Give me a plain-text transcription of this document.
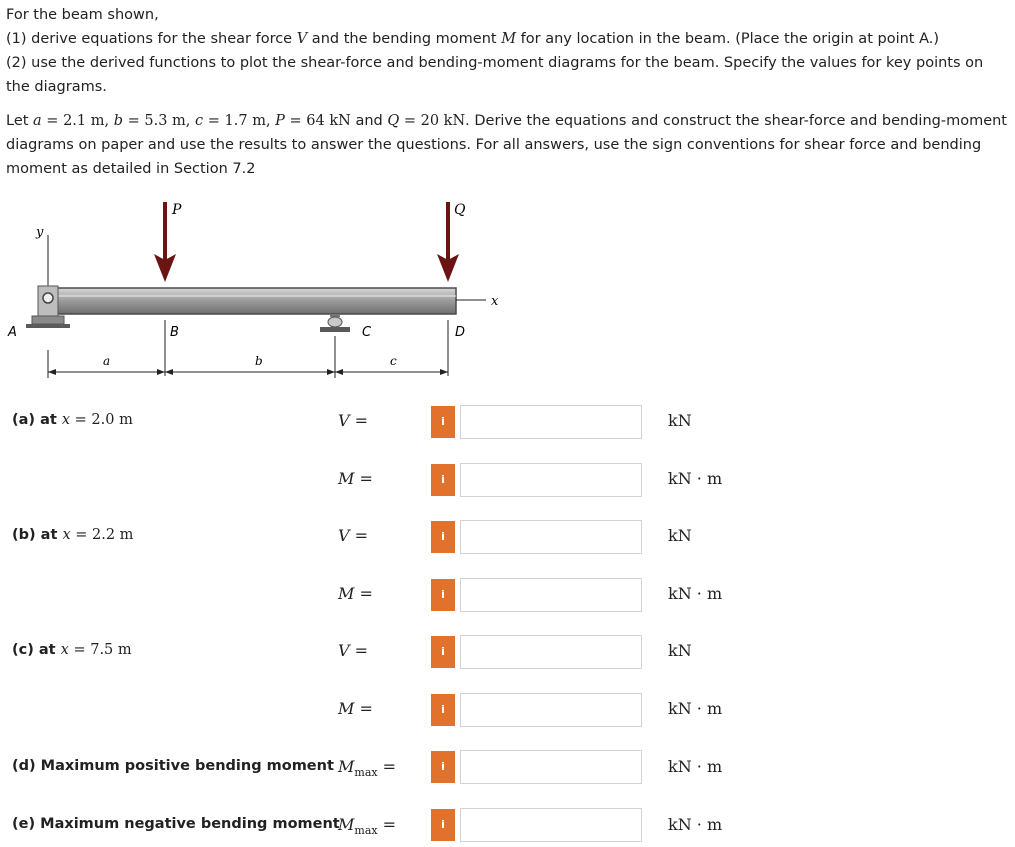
For the beam shown,

(1) derive equations for the shear force V and the bending moment M for any location in the beam. (Place the origin at point A.)

(2) use the derived functions to plot the shear-force and bending-moment diagrams for the beam. Specify the values for key points on the diagrams.

Let a = 2.1 m, b = 5.3 m, c = 1.7 m, P = 64 kN and Q = 20 kN. Derive the equations and construct the shear-force and bending-moment diagrams on paper and use the results to answer the questions. For all answers, use the sign conventions for shear force and bending moment as detailed in Section 7.2

y
x
A	C
P	Q
B	D
a	b	c
(a) at x = 2.0 m	V =	i	kN
M =	i	kN · m
(b) at x = 2.2 m	V =	i	kN
M =	i	kN · m
(c) at x = 7.5 m	V =	i	kN
M =	i	kN · m
(d) Maximum positive bending moment $M_{max}$ =	i	kN · m
(e) Maximum negative bending moment
$M_{max}$ =	i	kN · m
